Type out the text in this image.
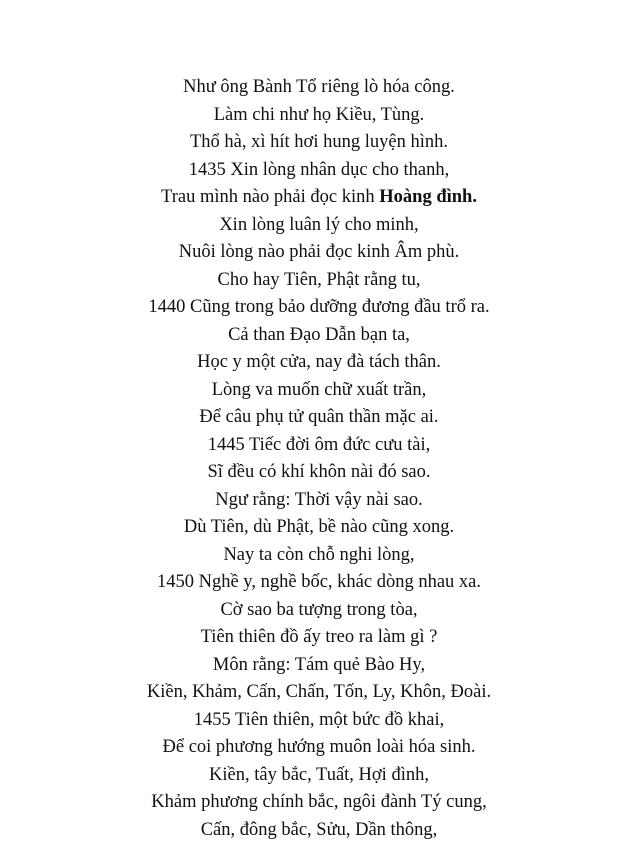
Như ông Bành Tổ riêng lò hóa công.
Làm chi như họ Kiều, Tùng.
Thổ hà, xì hít hơi hung luyện hình.
1435 Xin lòng nhân dục cho thanh,
Trau mình nào phải đọc kinh Hoàng đình.
Xin lòng luân lý cho minh,
Nuôi lòng nào phải đọc kinh Âm phù.
Cho hay Tiên, Phật rằng tu,
1440 Cũng trong bảo dưỡng đương đầu trổ ra.
Cả than Đạo Dẫn bạn ta,
Học y một cửa, nay đà tách thân.
Lòng va muốn chữ xuất trần,
Để câu phụ tử quân thần mặc ai.
1445 Tiếc đời ôm đức cưu tài,
Sĩ đều có khí khôn nài đó sao.
Ngư rằng: Thời vậy nài sao.
Dù Tiên, dù Phật, bề nào cũng xong.
Nay ta còn chỗ nghi lòng,
1450 Nghề y, nghề bốc, khác dòng nhau xa.
Cờ sao ba tượng trong tòa,
Tiên thiên đồ ấy treo ra làm gì ?
Môn rằng: Tám quẻ Bào Hy,
Kiền, Khảm, Cấn, Chấn, Tốn, Ly, Khôn, Đoài.
1455 Tiên thiên, một bức đồ khai,
Để coi phương hướng muôn loài hóa sinh.
Kiền, tây bắc, Tuất, Hợi đình,
Khảm phương chính bắc, ngôi đành Tý cung,
Cấn, đông bắc, Sửu, Dần thông,
